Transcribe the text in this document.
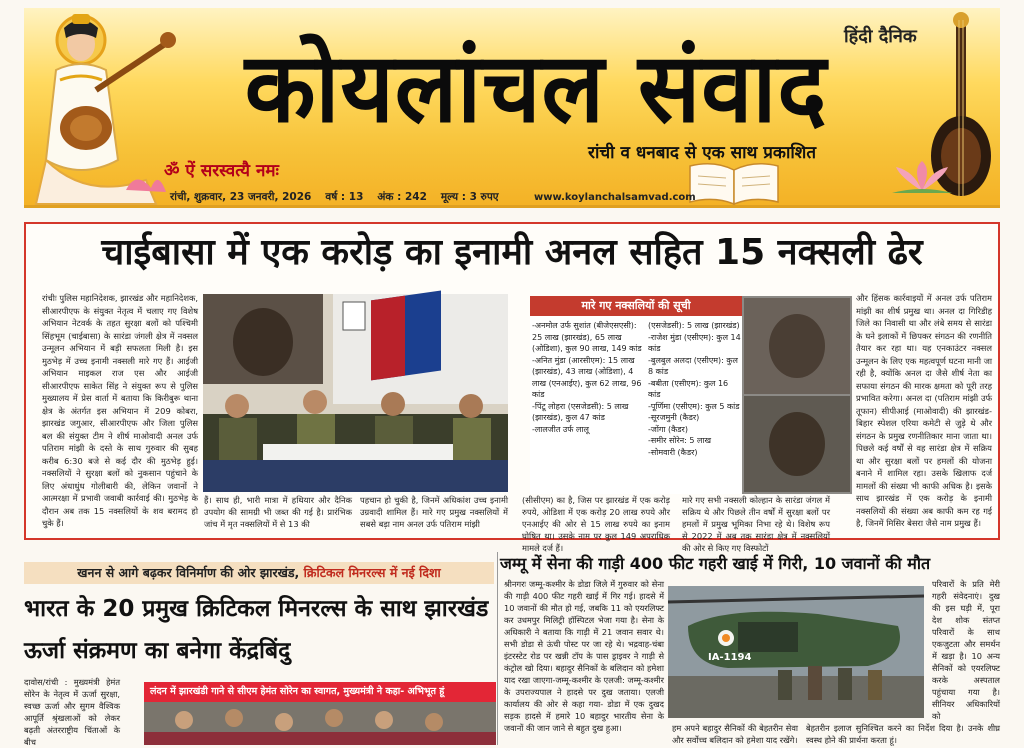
हिंदी दैनिक
कोयलांचल संवाद
रांची व धनबाद से एक साथ प्रकाशित
ॐ ऐं सरस्वत्यै नमः
रांची, शुक्रवार, 23 जनवरी, 2026 वर्ष : 13 अंक : 242 मूल्य : 3 रुपए	www.koylanchalsamvad.com
चाईबासा में एक करोड़ का इनामी अनल सहित 15 नक्सली ढेर
रांचीः पुलिस महानिदेशक, झारखंड और महानिदेशक, सीआरपीएफ के संयुक्त नेतृत्व में चलाए गए विशेष अभियान नेटवर्क के तहत सुरक्षा बलों को पश्चिमी सिंहभूम (चाईबासा) के सारंडा जंगली क्षेत्र में नक्सल उन्मूलन अभियान में बड़ी सफलता मिली है। इस मुठभेड़ में उच्च इनामी नक्सली मारे गए हैं। आईजी अभियान माइकल राज एस और आईजी सीआरपीएफ साकेत सिंह ने संयुक्त रूप से पुलिस मुख्यालय में प्रेस वार्ता में बताया कि किरीबुरू थाना क्षेत्र के अंतर्गत इस अभियान में 209 कोबरा, झारखंड जगुआर, सीआरपीएफ और जिला पुलिस बल की संयुक्त टीम ने शीर्ष माओवादी अनल उर्फ पतिराम मांझी के दस्ते के साथ गुरुवार की सुबह करीब 6:30 बजे से कई दौर की मुठभेड़ हुई। नक्सलियों ने सुरक्षा बलों को नुकसान पहुंचाने के लिए अंधाधुंध गोलीबारी की, लेकिन जवानों ने आत्मरक्षा में प्रभावी जवाबी कार्रवाई की। मुठभेड़ के दौरान अब तक 15 नक्सलियों के शव बरामद हो चुके हैं।
मारे गए नक्सलियों की सूची
-अनमोल उर्फ सुशांत (बीजेएसएसी): 25 लाख (झारखंड), 65 लाख (ओडिशा), कुल 90 लाख, 149 कांड
-अनित मुंडा (आरसीएम): 15 लाख (झारखंड), 43 लाख (ओडिशा), 4 लाख (एनआईए), कुल 62 लाख, 96 कांड
-पिंटू लोहरा (एसजेडसी): 5 लाख (झारखंड), कुल 47 कांड
-लालजीत उर्फ लालू
(एसजेडसी): 5 लाख (झारखंड)
-राजेश मुंडा (एसीएम): कुल 14 कांड
-बुलबुल अलदा (एसीएम): कुल 8 कांड
-बबीता (एसीएम): कुल 16 कांड
-पूर्णिमा (एसीएम): कुल 5 कांड
-सूरजमुनी (कैडर)
-जोंगा (कैडर)
-समीर सोरेन: 5 लाख
-सोमवारी (कैडर)
हैं। साथ ही, भारी मात्रा में हथियार और दैनिक उपयोग की सामग्री भी जब्त की गई है। प्रारंभिक जांच में मृत नक्सलियों में से 13 की
पहचान हो चुकी है, जिनमें अधिकांश उच्च इनामी उग्रवादी शामिल हैं। मारे गए प्रमुख नक्सलियों में सबसे बड़ा नाम अनल उर्फ पतिराम मांझी
(सीसीएम) का है, जिस पर झारखंड में एक करोड़ रुपये, ओडिशा में एक करोड़ 20 लाख रुपये और एनआईए की ओर से 15 लाख रुपये का इनाम घोषित था। उसके नाम पर कुल 149 अपराधिक मामले दर्ज हैं।
मारे गए सभी नक्सली कोल्हान के सारंडा जंगल में सक्रिय थे और पिछले तीन वर्षों में सुरक्षा बलों पर हमलों में प्रमुख भूमिका निभा रहे थे। विशेष रूप से 2022 में अब तक सारंडा क्षेत्र में नक्सलियों की ओर से किए गए विस्फोटों
और हिंसक कार्रवाइयों में अनल उर्फ पतिराम मांझी का शीर्ष प्रमुख था। अनल दा गिरिडीह जिले का निवासी था और लंबे समय से सारंडा के घने इलाकों में छिपकर संगठन की रणनीति तैयार कर रहा था। यह एनकाउंटर नक्सल उन्मूलन के लिए एक महत्वपूर्ण घटना मानी जा रही है, क्योंकि अनल दा जैसे शीर्ष नेता का सफाया संगठन की मारक क्षमता को पूरी तरह प्रभावित करेगा। अनल दा (पतिराम मांझी उर्फ तूफान) सीपीआई (माओवादी) की झारखंड-बिहार स्पेशल एरिया कमेटी से जुड़े थे और संगठन के प्रमुख रणनीतिकार माना जाता था। पिछले कई वर्षों से वह सारंडा क्षेत्र में सक्रिय था और सुरक्षा बलों पर हमलों की योजना बनाने में शामिल रहा। उसके खिलाफ दर्ज मामलों की संख्या भी काफी अधिक है। इसके साथ झारखंड में एक करोड़ के इनामी नक्सलियों की संख्या अब काफी कम रह गई है, जिनमें मिसिर बेसरा जैसे नाम प्रमुख हैं।
खनन से आगे बढ़कर विनिर्माण की ओर झारखंड, क्रिटिकल मिनरल्स में नई दिशा
भारत के 20 प्रमुख क्रिटिकल मिनरल्स के साथ झारखंड ऊर्जा संक्रमण का बनेगा केंद्रबिंदु
दावोस/रांची : मुख्यमंत्री हेमंत सोरेन के नेतृत्व में ऊर्जा सुरक्षा, स्वच्छ ऊर्जा और सुगम वैश्विक आपूर्ति श्रृंखलाओं को लेकर बढ़ती अंतरराष्ट्रीय चिंताओं के बीच
लंदन में झारखंडी गाने से सीएम हेमंत सोरेन का स्वागत, मुख्यमंत्री ने कहा- अभिभूत हूं
जम्मू में सेना की गाड़ी 400 फीट गहरी खाई में गिरी, 10 जवानों की मौत
श्रीनगरः जम्मू-कश्मीर के डोडा जिले में गुरुवार को सेना की गाड़ी 400 फीट गहरी खाई में गिर गई। हादसे में 10 जवानों की मौत हो गई, जबकि 11 को एयरलिफ्ट कर उधमपुर मिलिट्री हॉस्पिटल भेजा गया है। सेना के अधिकारी ने बताया कि गाड़ी में 21 जवान सवार थे। सभी डोडा से ऊंची पोस्ट पर जा रहे थे। भद्रवाह-चंबा इंटरस्टेट रोड पर खन्नी टॉप के पास ड्राइवर ने गाड़ी से कंट्रोल खो दिया। बहादुर सैनिकों के बलिदान को हमेशा याद रखा जाएगा-जम्मू-कश्मीर के एलजी: जम्मू-कश्मीर के उपराज्यपाल ने हादसे पर दुख जताया। एलजी कार्यालय की ओर से कहा गया- डोडा में एक दुखद सड़क हादसे में हमारे 10 बहादुर भारतीय सेना के जवानों की जान जाने से बहुत दुख हुआ।
IA-1194
परिवारों के प्रति मेरी गहरी संवेदनाएं। दुख की इस घड़ी में, पूरा देश शोक संतप्त परिवारों के साथ एकजुटता और समर्थन में खड़ा है। 10 अन्य सैनिकों को एयरलिफ्ट करके अस्पताल पहुंचाया गया है। सीनियर अधिकारियों को
हम अपने बहादुर सैनिकों की बेहतरीन सेवा और सर्वोच्च बलिदान को हमेशा याद रखेंगे।
बेहतरीन इलाज सुनिश्चित करने का निर्देश दिया है। उनके शीघ्र स्वस्थ होने की प्रार्थना करता हूं।
